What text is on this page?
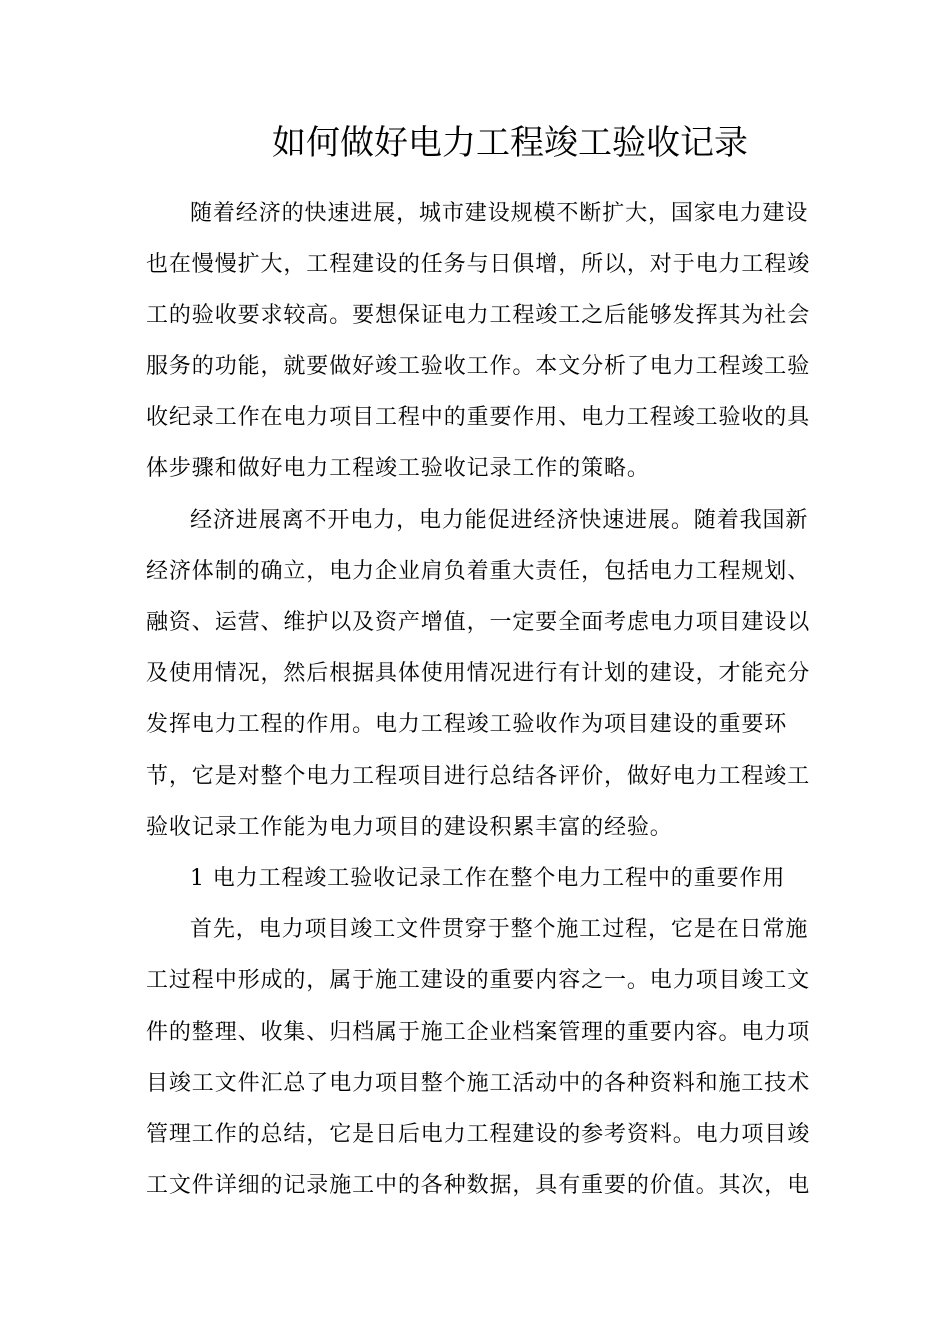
如何做好电力工程竣工验收记录
随着经济的快速进展，城市建设规模不断扩大，国家电力建设
也在慢慢扩大，工程建设的任务与日俱增，所以，对于电力工程竣
工的验收要求较高。要想保证电力工程竣工之后能够发挥其为社会
服务的功能，就要做好竣工验收工作。本文分析了电力工程竣工验
收纪录工作在电力项目工程中的重要作用、电力工程竣工验收的具
体步骤和做好电力工程竣工验收记录工作的策略。
经济进展离不开电力，电力能促进经济快速进展。随着我国新
经济体制的确立，电力企业肩负着重大责任，包括电力工程规划、
融资、运营、维护以及资产增值，一定要全面考虑电力项目建设以
及使用情况，然后根据具体使用情况进行有计划的建设，才能充分
发挥电力工程的作用。电力工程竣工验收作为项目建设的重要环
节，它是对整个电力工程项目进行总结各评价，做好电力工程竣工
验收记录工作能为电力项目的建设积累丰富的经验。
1 电力工程竣工验收记录工作在整个电力工程中的重要作用
首先，电力项目竣工文件贯穿于整个施工过程，它是在日常施
工过程中形成的，属于施工建设的重要内容之一。电力项目竣工文
件的整理、收集、归档属于施工企业档案管理的重要内容。电力项
目竣工文件汇总了电力项目整个施工活动中的各种资料和施工技术
管理工作的总结，它是日后电力工程建设的参考资料。电力项目竣
工文件详细的记录施工中的各种数据，具有重要的价值。其次，电
